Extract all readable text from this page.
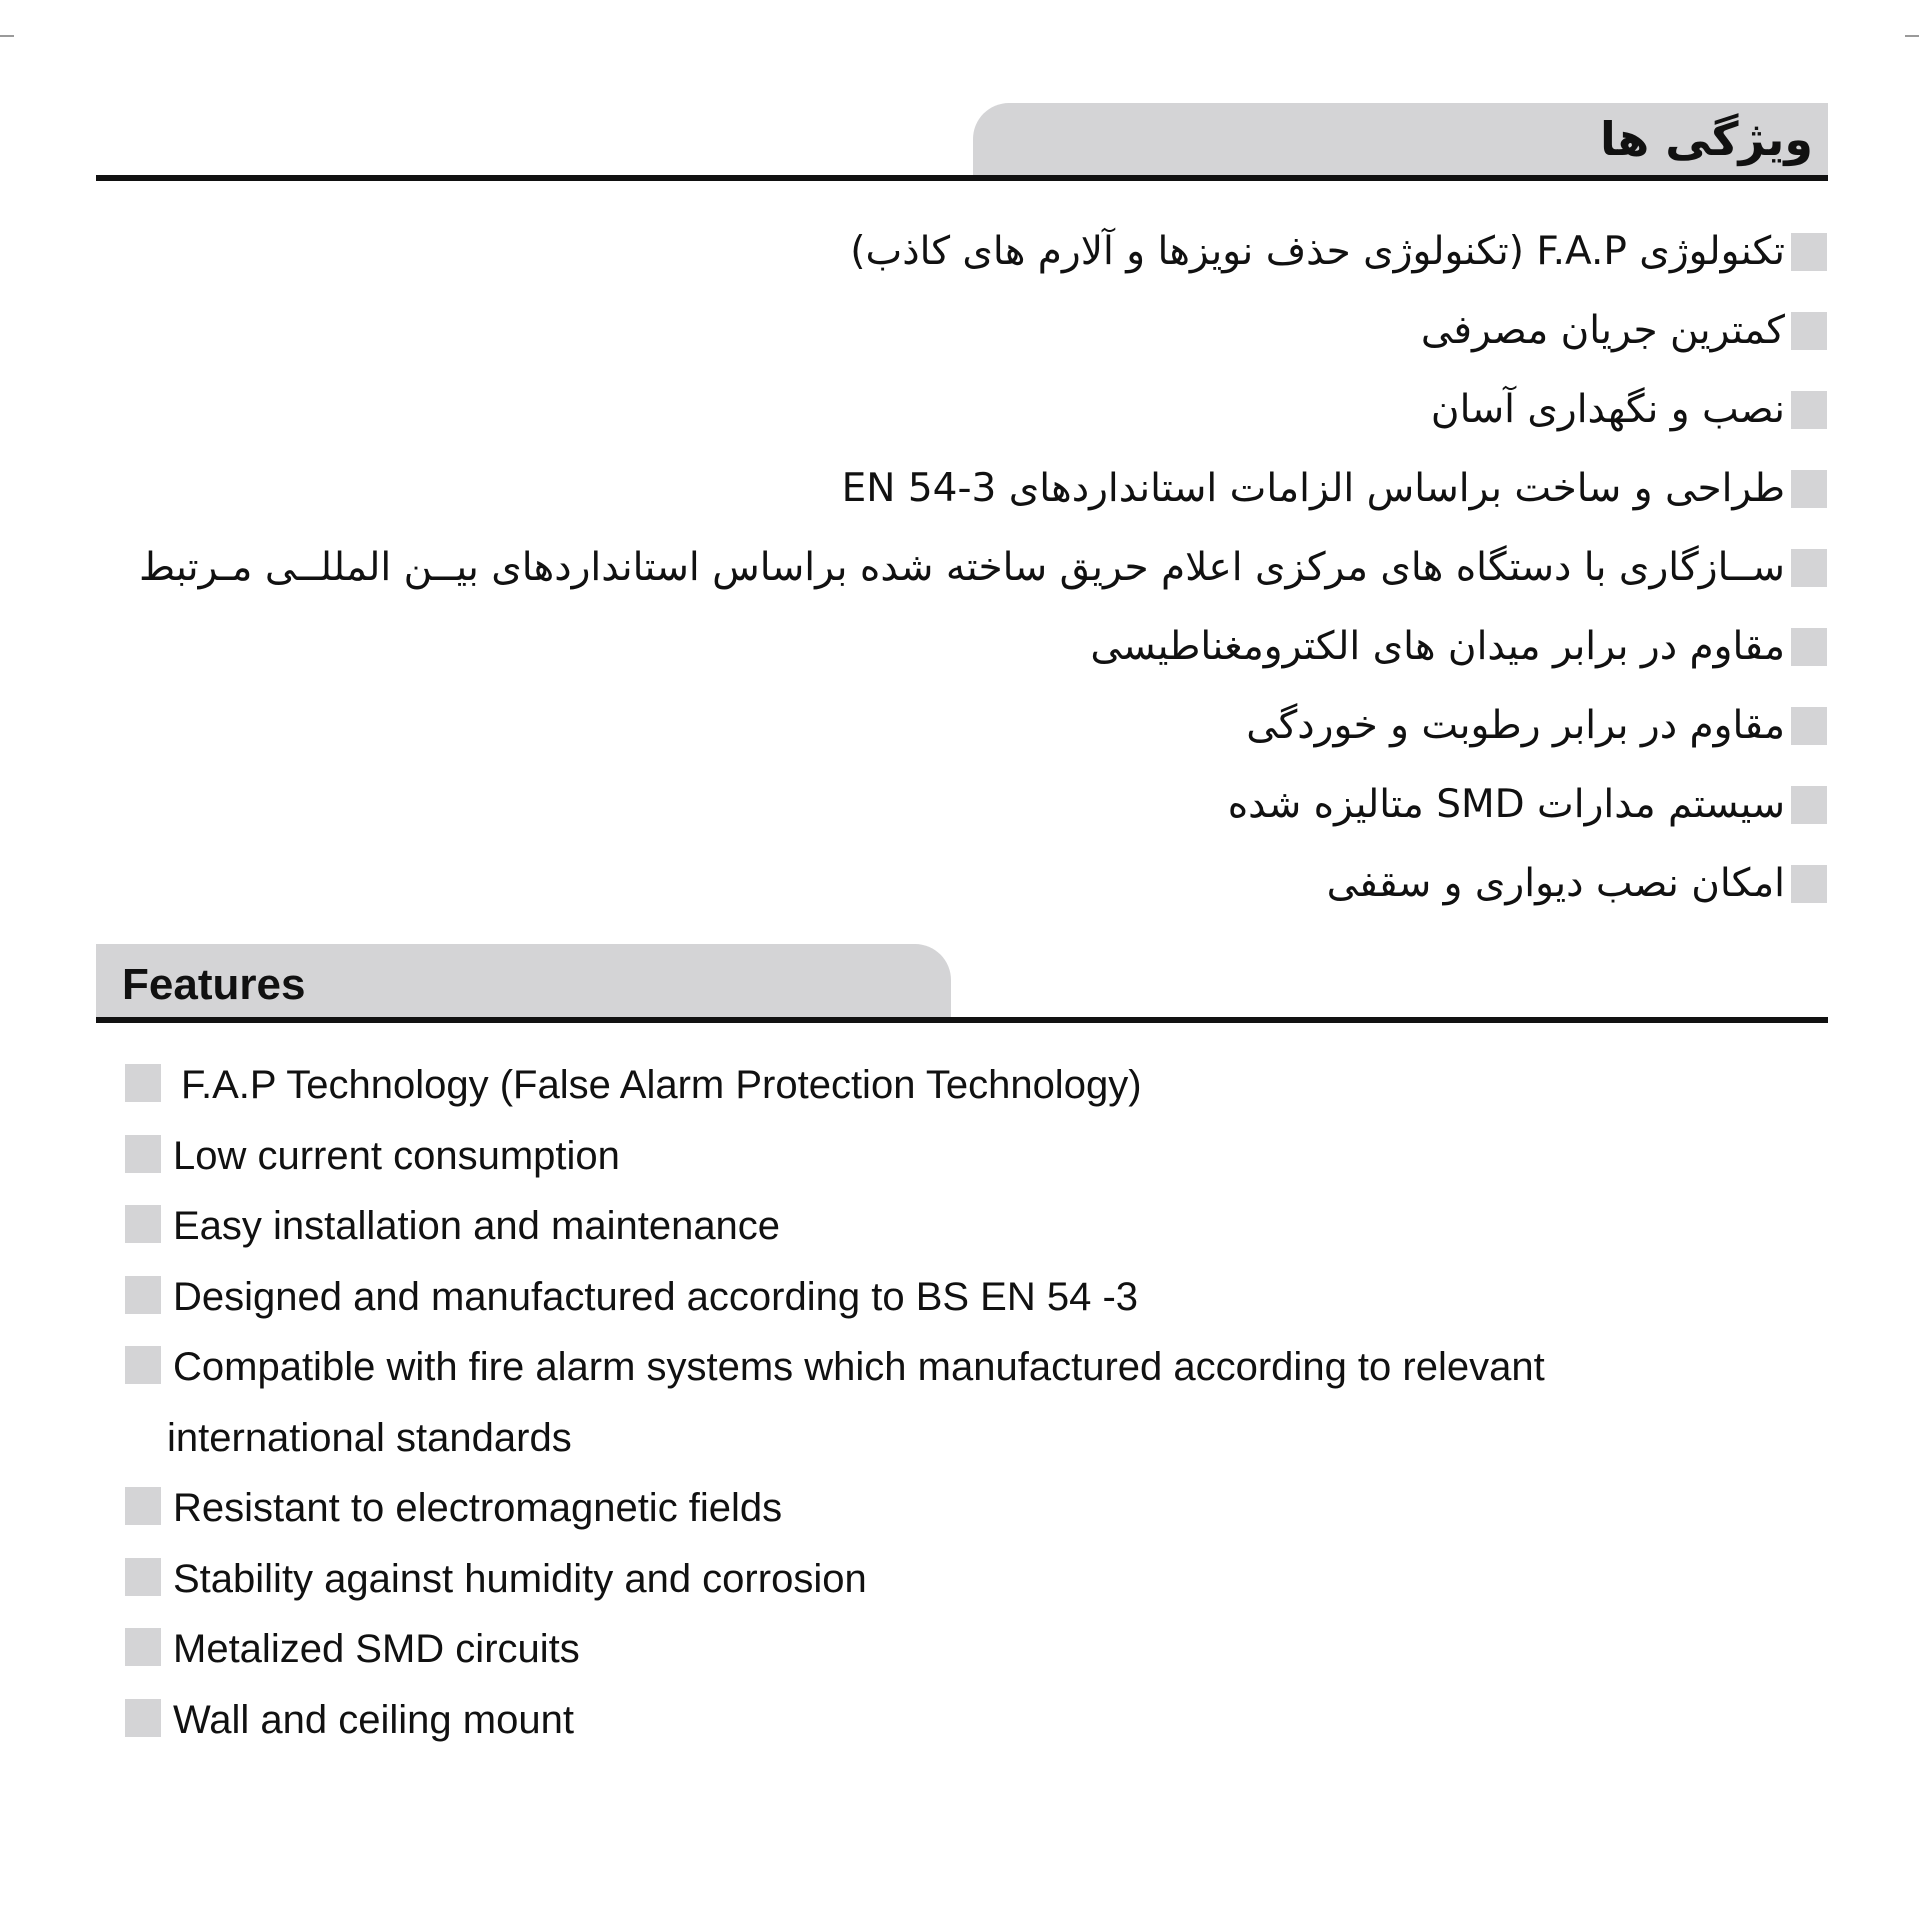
ویژگی ها
تکنولوژی F.A.P (تکنولوژی حذف نویزها و آلارم های کاذب)
کمترین جریان مصرفی
نصب و نگهداری آسان
طراحی و ساخت براساس الزامات استانداردهای EN 54-3
ســازگاری با دستگاه های مرکزی اعلام حریق ساخته شده براساس استانداردهای بیــن المللــی مـرتبط
مقاوم در برابر میدان های الکترومغناطیسی
مقاوم در برابر رطوبت و خوردگی
سیستم مدارات SMD متالیزه شده
امکان نصب دیواری و سقفی
Features
F.A.P Technology (False Alarm Protection Technology)
Low current consumption
Easy installation and maintenance
Designed and manufactured according to BS EN 54 -3
Compatible with fire alarm systems which manufactured according to relevant
international standards
Resistant to electromagnetic fields
Stability against humidity and corrosion
Metalized SMD circuits
Wall and ceiling mount
